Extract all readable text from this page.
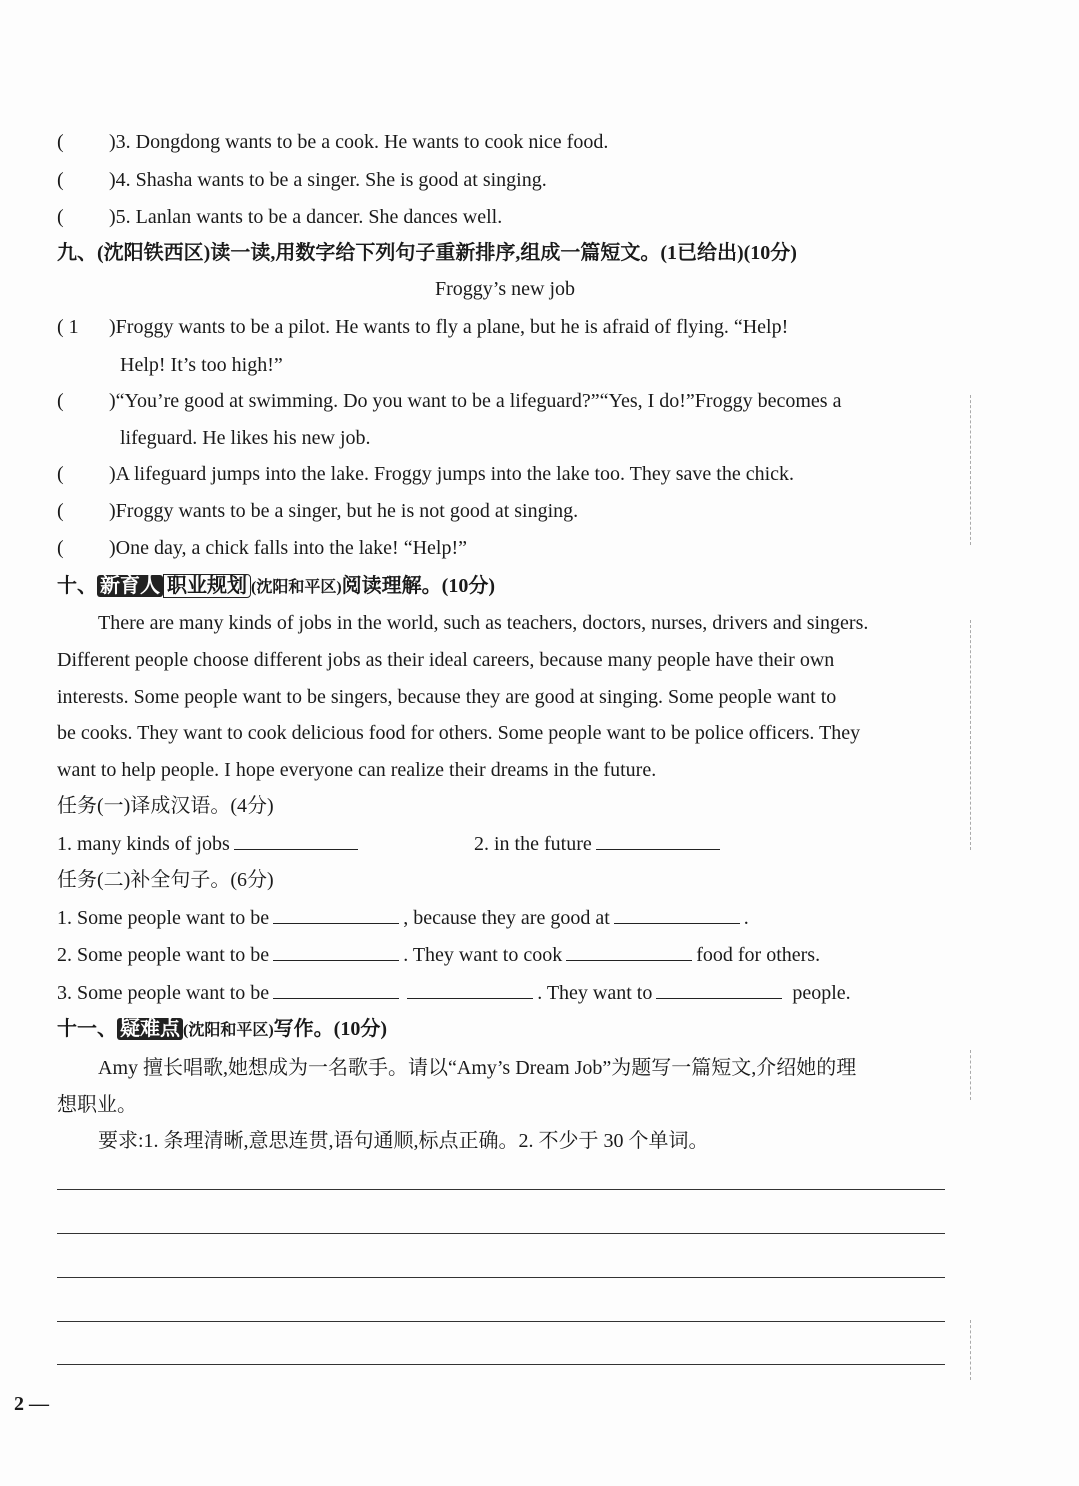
( )3. Dongdong wants to be a cook. He wants to cook nice food.
( )4. Shasha wants to be a singer. She is good at singing.
( )5. Lanlan wants to be a dancer. She dances well.
九、(沈阳铁西区)读一读,用数字给下列句子重新排序,组成一篇短文。(1已给出)(10分)
Froggy’s new job
( 1 )Froggy wants to be a pilot. He wants to fly a plane, but he is afraid of flying. “Help!
Help! It’s too high!”
( )“You’re good at swimming. Do you want to be a lifeguard?”“Yes, I do!”Froggy becomes a
lifeguard. He likes his new job.
( )A lifeguard jumps into the lake. Froggy jumps into the lake too. They save the chick.
( )Froggy wants to be a singer, but he is not good at singing.
( )One day, a chick falls into the lake! “Help!”
十、 新育人 职业规划 (沈阳和平区)阅读理解。(10分)
There are many kinds of jobs in the world, such as teachers, doctors, nurses, drivers and singers.
Different people choose different jobs as their ideal careers, because many people have their own
interests. Some people want to be singers, because they are good at singing. Some people want to
be cooks. They want to cook delicious food for others. Some people want to be police officers. They
want to help people. I hope everyone can realize their dreams in the future.
任务(一)译成汉语。(4分)
1. many kinds of jobs	2. in the future
任务(二)补全句子。(6分)
1. Some people want to be	, because they are good at	.
2. Some people want to be	. They want to cook	food for others.
3. Some people want to be	. They want to	people.
十一、 疑难点 (沈阳和平区)写作。(10分)
Amy 擅长唱歌,她想成为一名歌手。请以“Amy’s Dream Job”为题写一篇短文,介绍她的理
想职业。
要求:1. 条理清晰,意思连贯,语句通顺,标点正确。2. 不少于 30 个单词。
2 —
